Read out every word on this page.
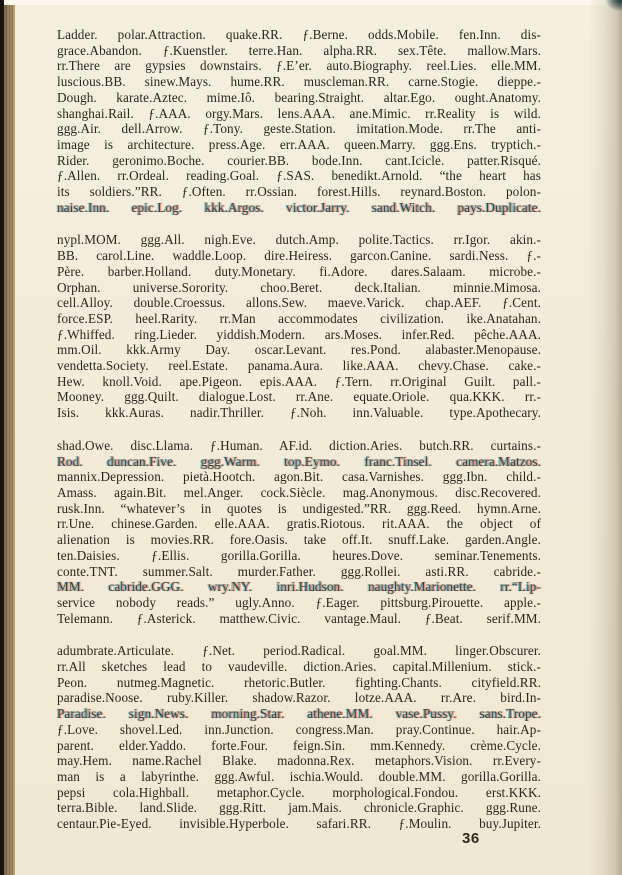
Ladder. polar.Attraction. quake.RR. ƒ.Berne. odds.Mobile. fen.Inn. dis-
grace.Abandon. ƒ.Kuenstler. terre.Han. alpha.RR. sex.Tête. mallow.Mars.
rr.There are gypsies downstairs. ƒ.E’er. auto.Biography. reel.Lies. elle.MM.
luscious.BB. sinew.Mays. hume.RR. muscleman.RR. carne.Stogie. dieppe.-
Dough. karate.Aztec. mime.Iô. bearing.Straight. altar.Ego. ought.Anatomy.
shanghai.Rail. ƒ.AAA. orgy.Mars. lens.AAA. ane.Mimic. rr.Reality is wild.
ggg.Air. dell.Arrow. ƒ.Tony. geste.Station. imitation.Mode. rr.The anti-
image is architecture. press.Age. err.AAA. queen.Marry. ggg.Ens. tryptich.-
Rider. geronimo.Boche. courier.BB. bode.Inn. cant.Icicle. patter.Risqué.
ƒ.Allen. rr.Ordeal. reading.Goal. ƒ.SAS. benedikt.Arnold. “the heart has
its soldiers.”RR. ƒ.Often. rr.Ossian. forest.Hills. reynard.Boston. polon-
naise.Inn. epic.Log. kkk.Argos. victor.Jarry. sand.Witch. pays.Duplicate.
nypl.MOM. ggg.All. nigh.Eve. dutch.Amp. polite.Tactics. rr.Igor. akin.-
BB. carol.Line. waddle.Loop. dire.Heiress. garcon.Canine. sardi.Ness. ƒ.-
Père. barber.Holland. duty.Monetary. fi.Adore. dares.Salaam. microbe.-
Orphan. universe.Sorority. choo.Beret. deck.Italian. minnie.Mimosa.
cell.Alloy. double.Croessus. allons.Sew. maeve.Varick. chap.AEF. ƒ.Cent.
force.ESP. heel.Rarity. rr.Man accommodates civilization. ike.Anatahan.
ƒ.Whiffed. ring.Lieder. yiddish.Modern. ars.Moses. infer.Red. pêche.AAA.
mm.Oil. kkk.Army Day. oscar.Levant. res.Pond. alabaster.Menopause.
vendetta.Society. reel.Estate. panama.Aura. like.AAA. chevy.Chase. cake.-
Hew. knoll.Void. ape.Pigeon. epis.AAA. ƒ.Tern. rr.Original Guilt. pall.-
Mooney. ggg.Quilt. dialogue.Lost. rr.Ane. equate.Oriole. qua.KKK. rr.-
Isis. kkk.Auras. nadir.Thriller. ƒ.Noh. inn.Valuable. type.Apothecary.
shad.Owe. disc.Llama. ƒ.Human. AF.id. diction.Aries. butch.RR. curtains.-
Rod. duncan.Five. ggg.Warm. top.Eymo. franc.Tinsel. camera.Matzos.
mannix.Depression. pietà.Hootch. agon.Bit. casa.Varnishes. ggg.Ibn. child.-
Amass. again.Bit. mel.Anger. cock.Siècle. mag.Anonymous. disc.Recovered.
rusk.Inn. “whatever’s in quotes is undigested.”RR. ggg.Reed. hymn.Arne.
rr.Une. chinese.Garden. elle.AAA. gratis.Riotous. rit.AAA. the object of
alienation is movies.RR. fore.Oasis. take off.It. snuff.Lake. garden.Angle.
ten.Daisies. ƒ.Ellis. gorilla.Gorilla. heures.Dove. seminar.Tenements.
conte.TNT. summer.Salt. murder.Father. ggg.Rollei. asti.RR. cabride.-
MM. cabride.GGG. wry.NY. inri.Hudson. naughty.Marionette. rr.“Lip-
service nobody reads.” ugly.Anno. ƒ.Eager. pittsburg.Pirouette. apple.-
Telemann. ƒ.Asterick. matthew.Civic. vantage.Maul. ƒ.Beat. serif.MM.
adumbrate.Articulate. ƒ.Net. period.Radical. goal.MM. linger.Obscurer.
rr.All sketches lead to vaudeville. diction.Aries. capital.Millenium. stick.-
Peon. nutmeg.Magnetic. rhetoric.Butler. fighting.Chants. cityfield.RR.
paradise.Noose. ruby.Killer. shadow.Razor. lotze.AAA. rr.Are. bird.In-
Paradise. sign.News. morning.Star. athene.MM. vase.Pussy. sans.Trope.
ƒ.Love. shovel.Led. inn.Junction. congress.Man. pray.Continue. hair.Ap-
parent. elder.Yaddo. forte.Four. feign.Sin. mm.Kennedy. crème.Cycle.
may.Hem. name.Rachel Blake. madonna.Rex. metaphors.Vision. rr.Every-
man is a labyrinthe. ggg.Awful. ischia.Would. double.MM. gorilla.Gorilla.
pepsi cola.Highball. metaphor.Cycle. morphological.Fondou. erst.KKK.
terra.Bible. land.Slide. ggg.Ritt. jam.Mais. chronicle.Graphic. ggg.Rune.
centaur.Pie-Eyed. invisible.Hyperbole. safari.RR. ƒ.Moulin. buy.Jupiter.
36
